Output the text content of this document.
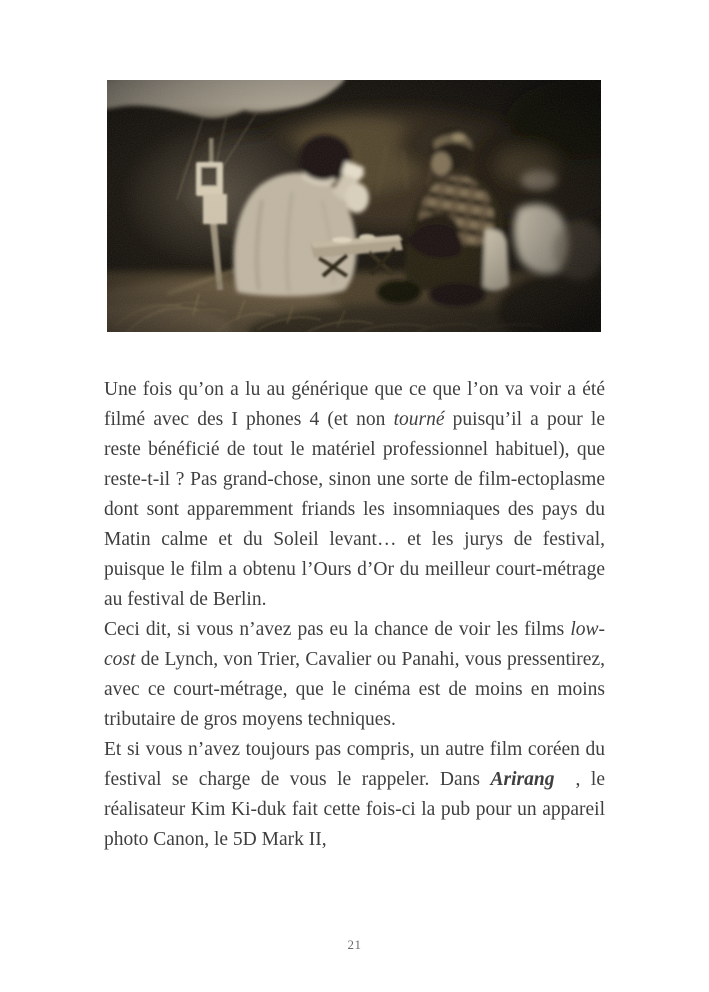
Une fois qu’on a lu au générique que ce que l’on va voir a été filmé avec des I phones 4 (et non tourné puisqu’il a pour le reste bénéficié de tout le matériel professionnel habituel), que reste-t-il ? Pas grand-chose, sinon une sorte de film-ectoplasme dont sont apparemment friands les insomniaques des pays du Matin calme et du Soleil levant… et les jurys de festival, puisque le film a obtenu l’Ours d’Or du meilleur court-métrage au festival de Berlin.

Ceci dit, si vous n’avez pas eu la chance de voir les films low-cost de Lynch, von Trier, Cavalier ou Panahi, vous pressentirez, avec ce court-métrage, que le cinéma est de moins en moins tributaire de gros moyens techniques.

Et si vous n’avez toujours pas compris, un autre film coréen du festival se charge de vous le rappeler. Dans Arirang  , le réalisateur Kim Ki-duk fait cette fois-ci la pub pour un appareil photo Canon, le 5D Mark II,

21
